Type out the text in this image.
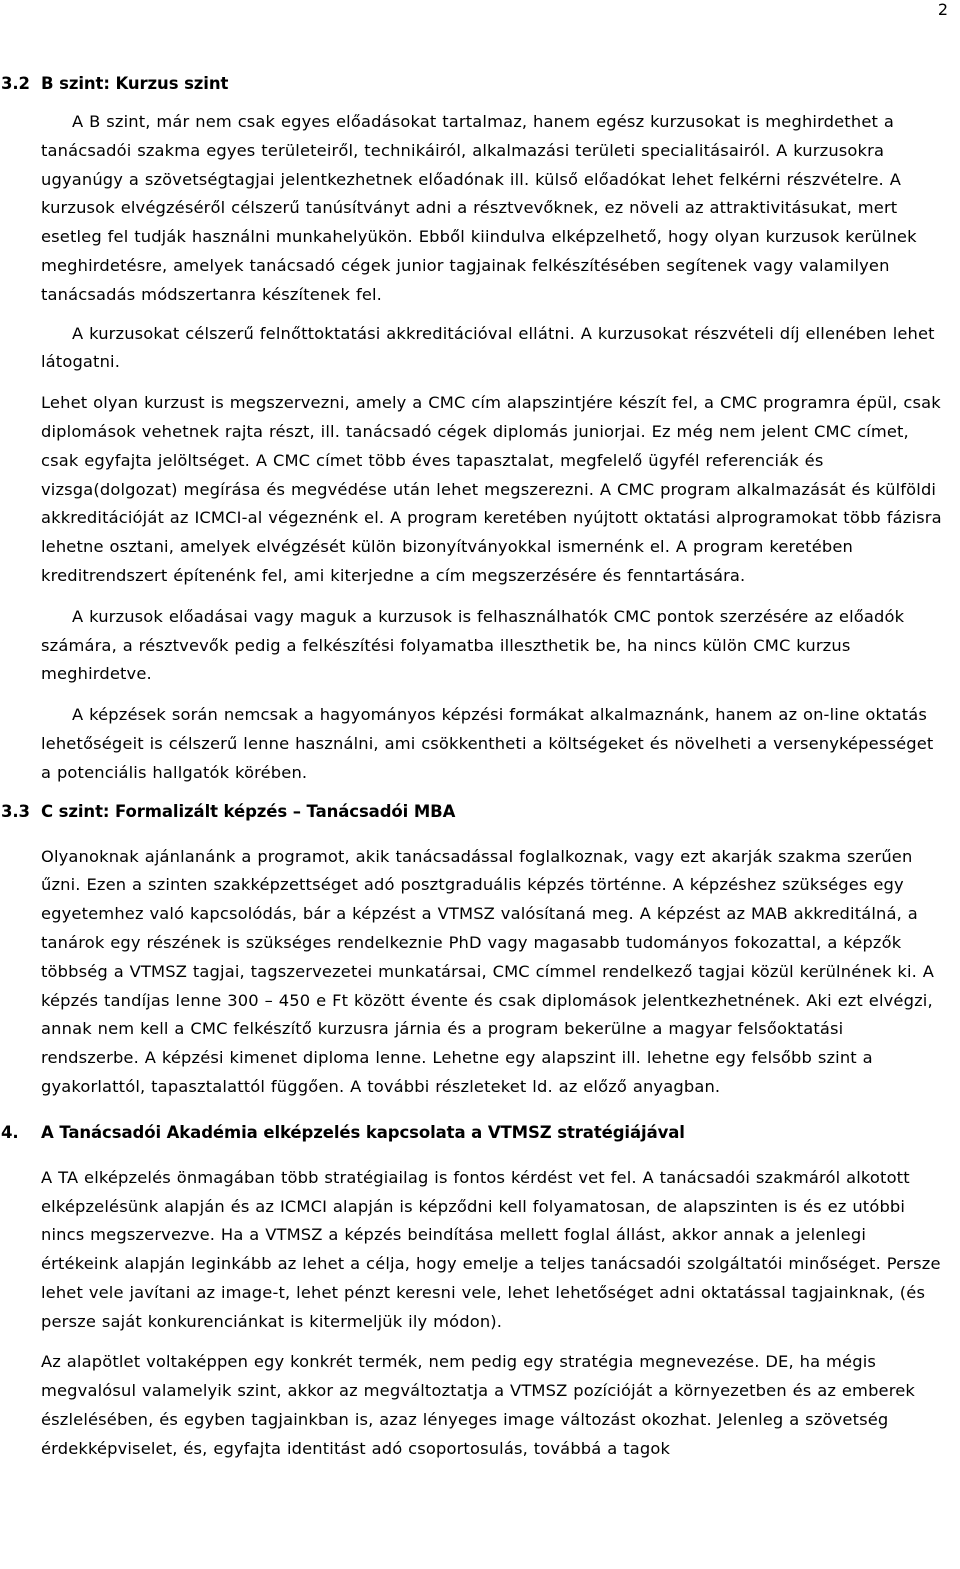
2
3.2 B szint: Kurzus szint

A B szint, már nem csak egyes előadásokat tartalmaz, hanem egész kurzusokat is meghirdethet a tanácsadói szakma egyes területeiről, technikáiról, alkalmazási területi specialitásairól. A kurzusokra ugyanúgy a szövetségtagjai jelentkezhetnek előadónak ill. külső előadókat lehet felkérni részvételre. A kurzusok elvégzéséről célszerű tanúsítványt adni a résztvevőknek, ez növeli az attraktivitásukat, mert esetleg fel tudják használni munkahelyükön. Ebből kiindulva elképzelhető, hogy olyan kurzusok kerülnek meghirdetésre, amelyek tanácsadó cégek junior tagjainak felkészítésében segítenek vagy valamilyen tanácsadás módszertanra készítenek fel.

A kurzusokat célszerű felnőttoktatási akkreditációval ellátni. A kurzusokat részvételi díj ellenében lehet látogatni.

Lehet olyan kurzust is megszervezni, amely a CMC cím alapszintjére készít fel, a CMC programra épül, csak diplomások vehetnek rajta részt, ill. tanácsadó cégek diplomás juniorjai. Ez még nem jelent CMC címet, csak egyfajta jelöltséget. A CMC címet több éves tapasztalat, megfelelő ügyfél referenciák és vizsga(dolgozat) megírása és megvédése után lehet megszerezni. A CMC program alkalmazását és külföldi akkreditációját az ICMCI-al végeznénk el. A program keretében nyújtott oktatási alprogramokat több fázisra lehetne osztani, amelyek elvégzését külön bizonyítványokkal ismernénk el. A program keretében kreditrendszert építenénk fel, ami kiterjedne a cím megszerzésére és fenntartására.

A kurzusok előadásai vagy maguk a kurzusok is felhasználhatók CMC pontok szerzésére az előadók számára, a résztvevők pedig a felkészítési folyamatba illeszthetik be, ha nincs külön CMC kurzus meghirdetve.

A képzések során nemcsak a hagyományos képzési formákat alkalmaznánk, hanem az on-line oktatás lehetőségeit is célszerű lenne használni, ami csökkentheti a költségeket és növelheti a versenyképességet a potenciális hallgatók körében.

3.3 C szint: Formalizált képzés – Tanácsadói MBA

Olyanoknak ajánlanánk a programot, akik tanácsadással foglalkoznak, vagy ezt akarják szakma szerűen űzni. Ezen a szinten szakképzettséget adó posztgraduális képzés történne. A képzéshez szükséges egy egyetemhez való kapcsolódás, bár a képzést a VTMSZ valósítaná meg. A képzést az MAB akkreditálná, a tanárok egy részének is szükséges rendelkeznie PhD vagy magasabb tudományos fokozattal, a képzők többség a VTMSZ tagjai, tagszervezetei munkatársai, CMC címmel rendelkező tagjai közül kerülnének ki. A képzés tandíjas lenne 300 – 450 e Ft között évente és csak diplomások jelentkezhetnének. Aki ezt elvégzi, annak nem kell a CMC felkészítő kurzusra járnia és a program bekerülne a magyar felsőoktatási rendszerbe. A képzési kimenet diploma lenne. Lehetne egy alapszint ill. lehetne egy felsőbb szint a gyakorlattól, tapasztalattól függően. A további részleteket ld. az előző anyagban.

4.	A Tanácsadói Akadémia elképzelés kapcsolata a VTMSZ stratégiájával

A TA elképzelés önmagában több stratégiailag is fontos kérdést vet fel. A tanácsadói szakmáról alkotott elképzelésünk alapján és az ICMCI alapján is képződni kell folyamatosan, de alapszinten is és ez utóbbi nincs megszervezve. Ha a VTMSZ a képzés beindítása mellett foglal állást, akkor annak a jelenlegi értékeink alapján leginkább az lehet a célja, hogy emelje a teljes tanácsadói szolgáltatói minőséget. Persze lehet vele javítani az image-t, lehet pénzt keresni vele, lehet lehetőséget adni oktatással tagjainknak, (és persze saját konkurenciánkat is kitermeljük ily módon).

Az alapötlet voltaképpen egy konkrét termék, nem pedig egy stratégia megnevezése. DE, ha mégis megvalósul valamelyik szint, akkor az megváltoztatja a VTMSZ pozícióját a környezetben és az emberek észlelésében, és egyben tagjainkban is, azaz lényeges image változást okozhat. Jelenleg a szövetség érdekképviselet, és, egyfajta identitást adó csoportosulás, továbbá a tagok
